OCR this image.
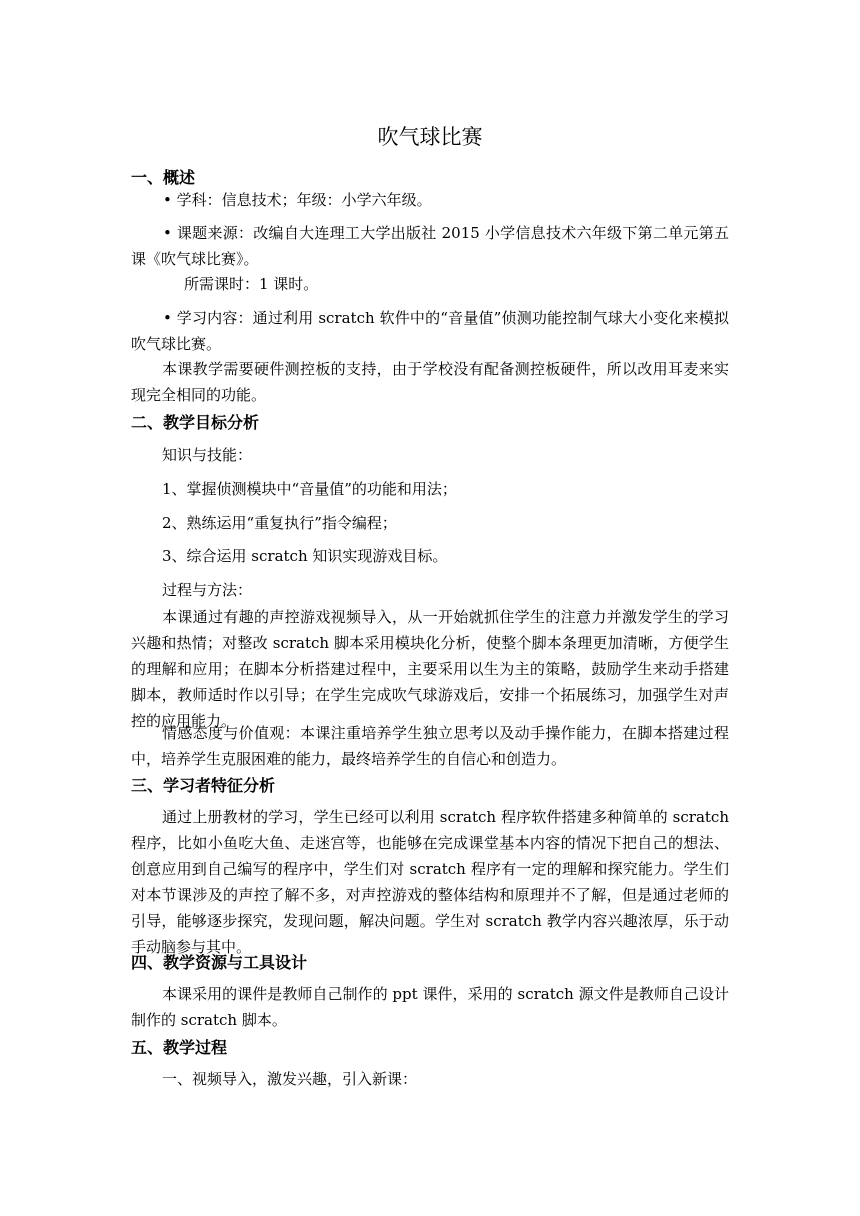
吹气球比赛
一、概述
• 学科：信息技术；年级：小学六年级。
• 课题来源：改编自大连理工大学出版社 2015 小学信息技术六年级下第二单元第五课《吹气球比赛》。
所需课时：1 课时。
• 学习内容：通过利用 scratch 软件中的“音量值”侦测功能控制气球大小变化来模拟吹气球比赛。
本课教学需要硬件测控板的支持，由于学校没有配备测控板硬件，所以改用耳麦来实现完全相同的功能。
二、教学目标分析
知识与技能：
1、掌握侦测模块中“音量值”的功能和用法；
2、熟练运用“重复执行”指令编程；
3、综合运用 scratch 知识实现游戏目标。
过程与方法：
本课通过有趣的声控游戏视频导入，从一开始就抓住学生的注意力并激发学生的学习兴趣和热情；对整改 scratch 脚本采用模块化分析，使整个脚本条理更加清晰，方便学生的理解和应用；在脚本分析搭建过程中，主要采用以生为主的策略，鼓励学生来动手搭建脚本，教师适时作以引导；在学生完成吹气球游戏后，安排一个拓展练习，加强学生对声控的应用能力。
情感态度与价值观：本课注重培养学生独立思考以及动手操作能力，在脚本搭建过程中，培养学生克服困难的能力，最终培养学生的自信心和创造力。
三、学习者特征分析
通过上册教材的学习，学生已经可以利用 scratch 程序软件搭建多种简单的 scratch 程序，比如小鱼吃大鱼、走迷宫等，也能够在完成课堂基本内容的情况下把自己的想法、创意应用到自己编写的程序中，学生们对 scratch 程序有一定的理解和探究能力。学生们对本节课涉及的声控了解不多，对声控游戏的整体结构和原理并不了解，但是通过老师的引导，能够逐步探究，发现问题，解决问题。学生对 scratch 教学内容兴趣浓厚，乐于动手动脑参与其中。
四、教学资源与工具设计
本课采用的课件是教师自己制作的 ppt 课件，采用的 scratch 源文件是教师自己设计制作的 scratch 脚本。
五、教学过程
一、视频导入，激发兴趣，引入新课：
